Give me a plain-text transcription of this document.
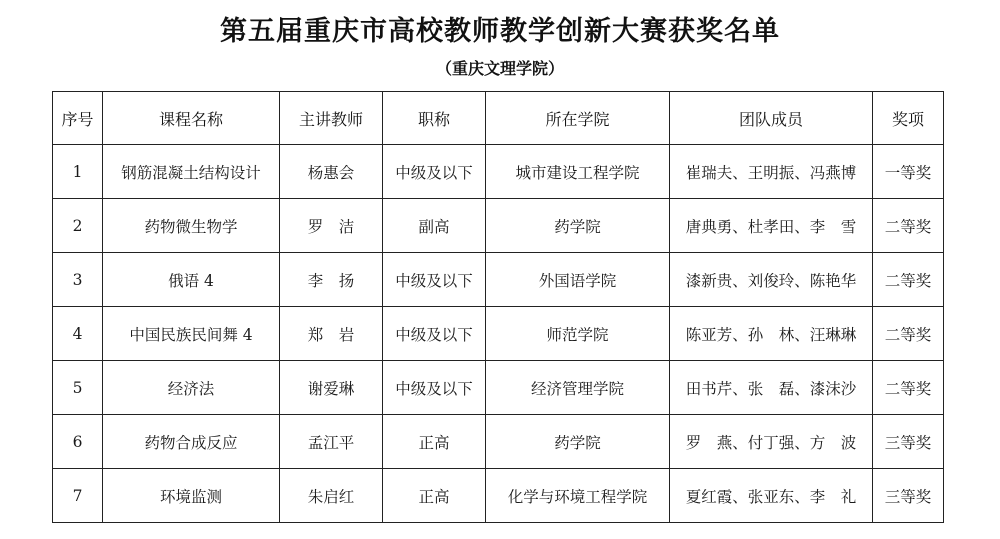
第五届重庆市高校教师教学创新大赛获奖名单
（重庆文理学院）
序号	课程名称	主讲教师	职称	所在学院	团队成员	奖项
1	钢筋混凝土结构设计	杨惠会	中级及以下	城市建设工程学院	崔瑞夫、王明振、冯燕博	一等奖
2	药物微生物学	罗　洁	副高	药学院	唐典勇、杜孝田、李　雪	二等奖
3	俄语 4	李　扬	中级及以下	外国语学院	漆新贵、刘俊玲、陈艳华	二等奖
4	中国民族民间舞 4	郑　岩	中级及以下	师范学院	陈亚芳、孙　林、汪琳琳	二等奖
5	经济法	谢爱琳	中级及以下	经济管理学院	田书芹、张　磊、漆沫沙	二等奖
6	药物合成反应	孟江平	正高	药学院	罗　燕、付丁强、方　波	三等奖
7	环境监测	朱启红	正高	化学与环境工程学院	夏红霞、张亚东、李　礼	三等奖
